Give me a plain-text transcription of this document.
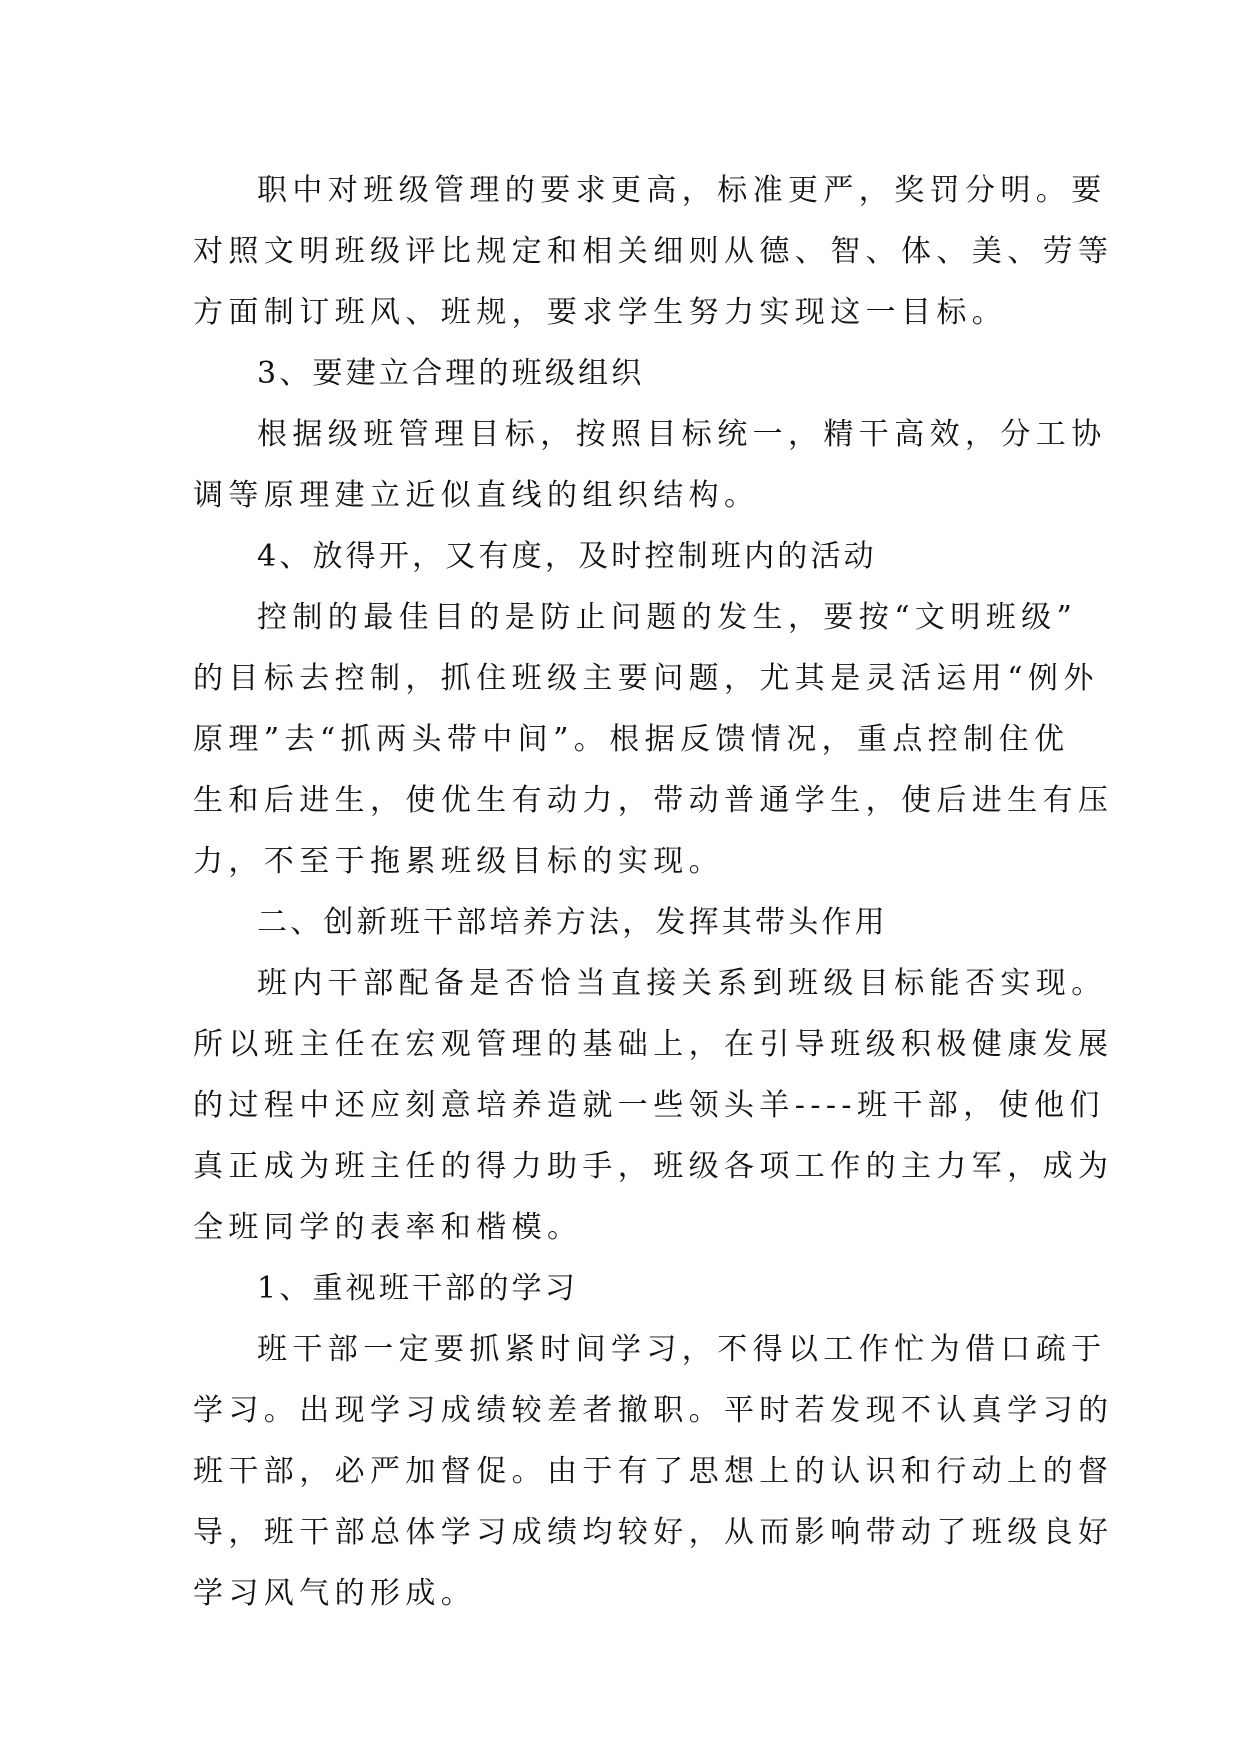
职中对班级管理的要求更高，标准更严，奖罚分明。要
对照文明班级评比规定和相关细则从德、智、体、美、劳等
方面制订班风、班规，要求学生努力实现这一目标。
3、要建立合理的班级组织
根据级班管理目标，按照目标统一，精干高效，分工协
调等原理建立近似直线的组织结构。
4、放得开，又有度，及时控制班内的活动
控制的最佳目的是防止问题的发生，要按“文明班级”
的目标去控制，抓住班级主要问题，尤其是灵活运用“例外
原理”去“抓两头带中间”。根据反馈情况，重点控制住优
生和后进生，使优生有动力，带动普通学生，使后进生有压
力，不至于拖累班级目标的实现。
二、创新班干部培养方法，发挥其带头作用
班内干部配备是否恰当直接关系到班级目标能否实现。
所以班主任在宏观管理的基础上，在引导班级积极健康发展
的过程中还应刻意培养造就一些领头羊----班干部，使他们
真正成为班主任的得力助手，班级各项工作的主力军，成为
全班同学的表率和楷模。
1、重视班干部的学习
班干部一定要抓紧时间学习，不得以工作忙为借口疏于
学习。出现学习成绩较差者撤职。平时若发现不认真学习的
班干部，必严加督促。由于有了思想上的认识和行动上的督
导，班干部总体学习成绩均较好，从而影响带动了班级良好
学习风气的形成。
